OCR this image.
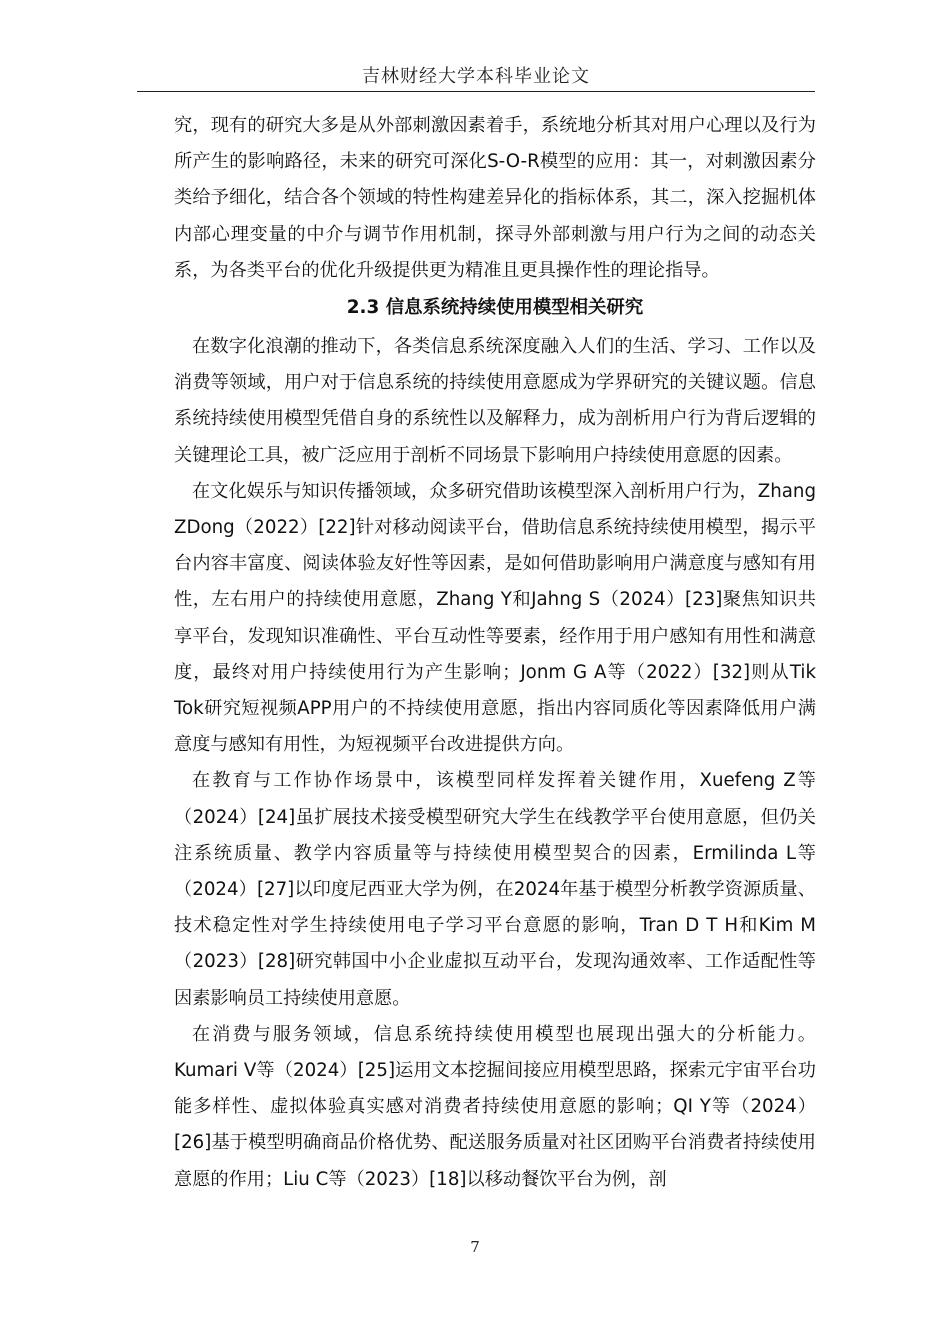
吉林财经大学本科毕业论文

究，现有的研究大多是从外部刺激因素着手，系统地分析其对用户心理以及行为所产生的影响路径，未来的研究可深化S-O-R模型的应用：其一，对刺激因素分类给予细化，结合各个领域的特性构建差异化的指标体系，其二，深入挖掘机体内部心理变量的中介与调节作用机制，探寻外部刺激与用户行为之间的动态关系，为各类平台的优化升级提供更为精准且更具操作性的理论指导。

2.3 信息系统持续使用模型相关研究

在数字化浪潮的推动下，各类信息系统深度融入人们的生活、学习、工作以及消费等领域，用户对于信息系统的持续使用意愿成为学界研究的关键议题。信息系统持续使用模型凭借自身的系统性以及解释力，成为剖析用户行为背后逻辑的关键理论工具，被广泛应用于剖析不同场景下影响用户持续使用意愿的因素。

在文化娱乐与知识传播领域，众多研究借助该模型深入剖析用户行为，Zhang ZDong（2022）[22]针对移动阅读平台，借助信息系统持续使用模型，揭示平台内容丰富度、阅读体验友好性等因素，是如何借助影响用户满意度与感知有用性，左右用户的持续使用意愿，Zhang Y和Jahng S（2024）[23]聚焦知识共享平台，发现知识准确性、平台互动性等要素，经作用于用户感知有用性和满意度，最终对用户持续使用行为产生影响；Jonm G A等（2022）[32]则从Tik Tok研究短视频APP用户的不持续使用意愿，指出内容同质化等因素降低用户满意度与感知有用性，为短视频平台改进提供方向。

在教育与工作协作场景中，该模型同样发挥着关键作用，Xuefeng Z等（2024）[24]虽扩展技术接受模型研究大学生在线教学平台使用意愿，但仍关注系统质量、教学内容质量等与持续使用模型契合的因素，Ermilinda L等（2024）[27]以印度尼西亚大学为例，在2024年基于模型分析教学资源质量、技术稳定性对学生持续使用电子学习平台意愿的影响，Tran D T H和Kim M（2023）[28]研究韩国中小企业虚拟互动平台，发现沟通效率、工作适配性等因素影响员工持续使用意愿。

在消费与服务领域，信息系统持续使用模型也展现出强大的分析能力。Kumari V等（2024）[25]运用文本挖掘间接应用模型思路，探索元宇宙平台功能多样性、虚拟体验真实感对消费者持续使用意愿的影响；QI Y等（2024）[26]基于模型明确商品价格优势、配送服务质量对社区团购平台消费者持续使用意愿的作用；Liu C等（2023）[18]以移动餐饮平台为例，剖

7
